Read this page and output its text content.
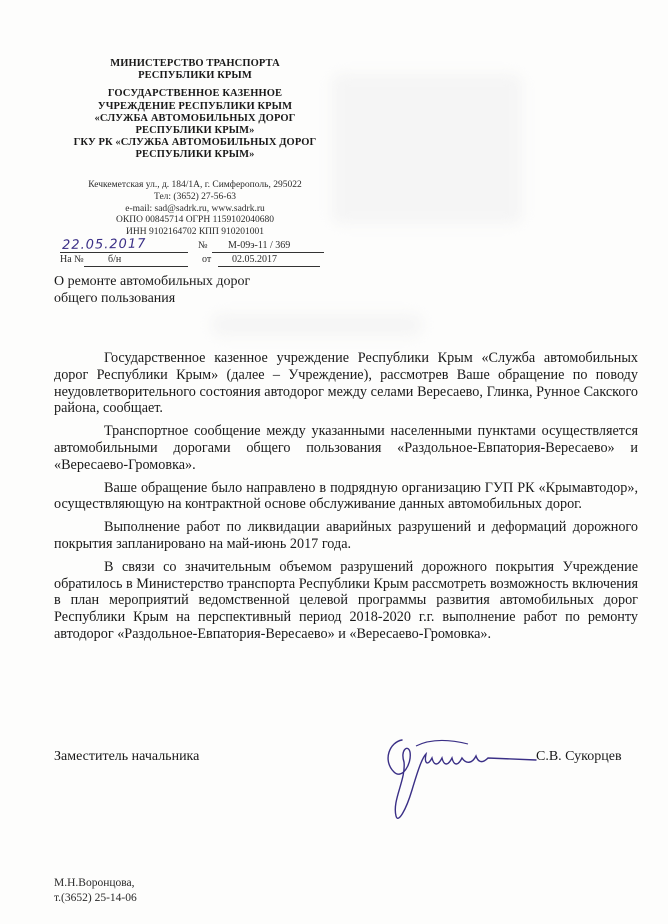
МИНИСТЕРСТВО ТРАНСПОРТА
РЕСПУБЛИКИ КРЫМ
ГОСУДАРСТВЕННОЕ КАЗЕННОЕ
УЧРЕЖДЕНИЕ РЕСПУБЛИКИ КРЫМ
«СЛУЖБА АВТОМОБИЛЬНЫХ ДОРОГ
РЕСПУБЛИКИ КРЫМ»
ГКУ РК «СЛУЖБА АВТОМОБИЛЬНЫХ ДОРОГ
РЕСПУБЛИКИ КРЫМ»
Кечкеметская ул., д. 184/1А, г. Симферополь, 295022
Тел: (3652) 27-56-63
e-mail: sad@sadrk.ru, www.sadrk.ru
ОКПО 00845714 ОГРН 1159102040680
ИНН 9102164702 КПП 910201001
22.05.2017	№ М-09э-11 / 369
На № б/н	от 02.05.2017
О ремонте автомобильных дорог
общего пользования

Государственное казенное учреждение Республики Крым «Служба автомобильных дорог Республики Крым» (далее – Учреждение), рассмотрев Ваше обращение по поводу неудовлетворительного состояния автодорог между селами Вересаево, Глинка, Рунное Сакского района, сообщает.

Транспортное сообщение между указанными населенными пунктами осуществляется автомобильными дорогами общего пользования «Раздольное-Евпатория-Вересаево» и «Вересаево-Громовка».

Ваше обращение было направлено в подрядную организацию ГУП РК «Крымавтодор», осуществляющую на контрактной основе обслуживание данных автомобильных дорог.

Выполнение работ по ликвидации аварийных разрушений и деформаций дорожного покрытия запланировано на май-июнь 2017 года.

В связи со значительным объемом разрушений дорожного покрытия Учреждение обратилось в Министерство транспорта Республики Крым рассмотреть возможность включения в план мероприятий ведомственной целевой программы развития автомобильных дорог Республики Крым на перспективный период 2018-2020 г.г. выполнение работ по ремонту автодорог «Раздольное-Евпатория-Вересаево» и «Вересаево-Громовка».

Заместитель начальника	С.В. Сукорцев
М.Н.Воронцова,
т.(3652) 25-14-06
